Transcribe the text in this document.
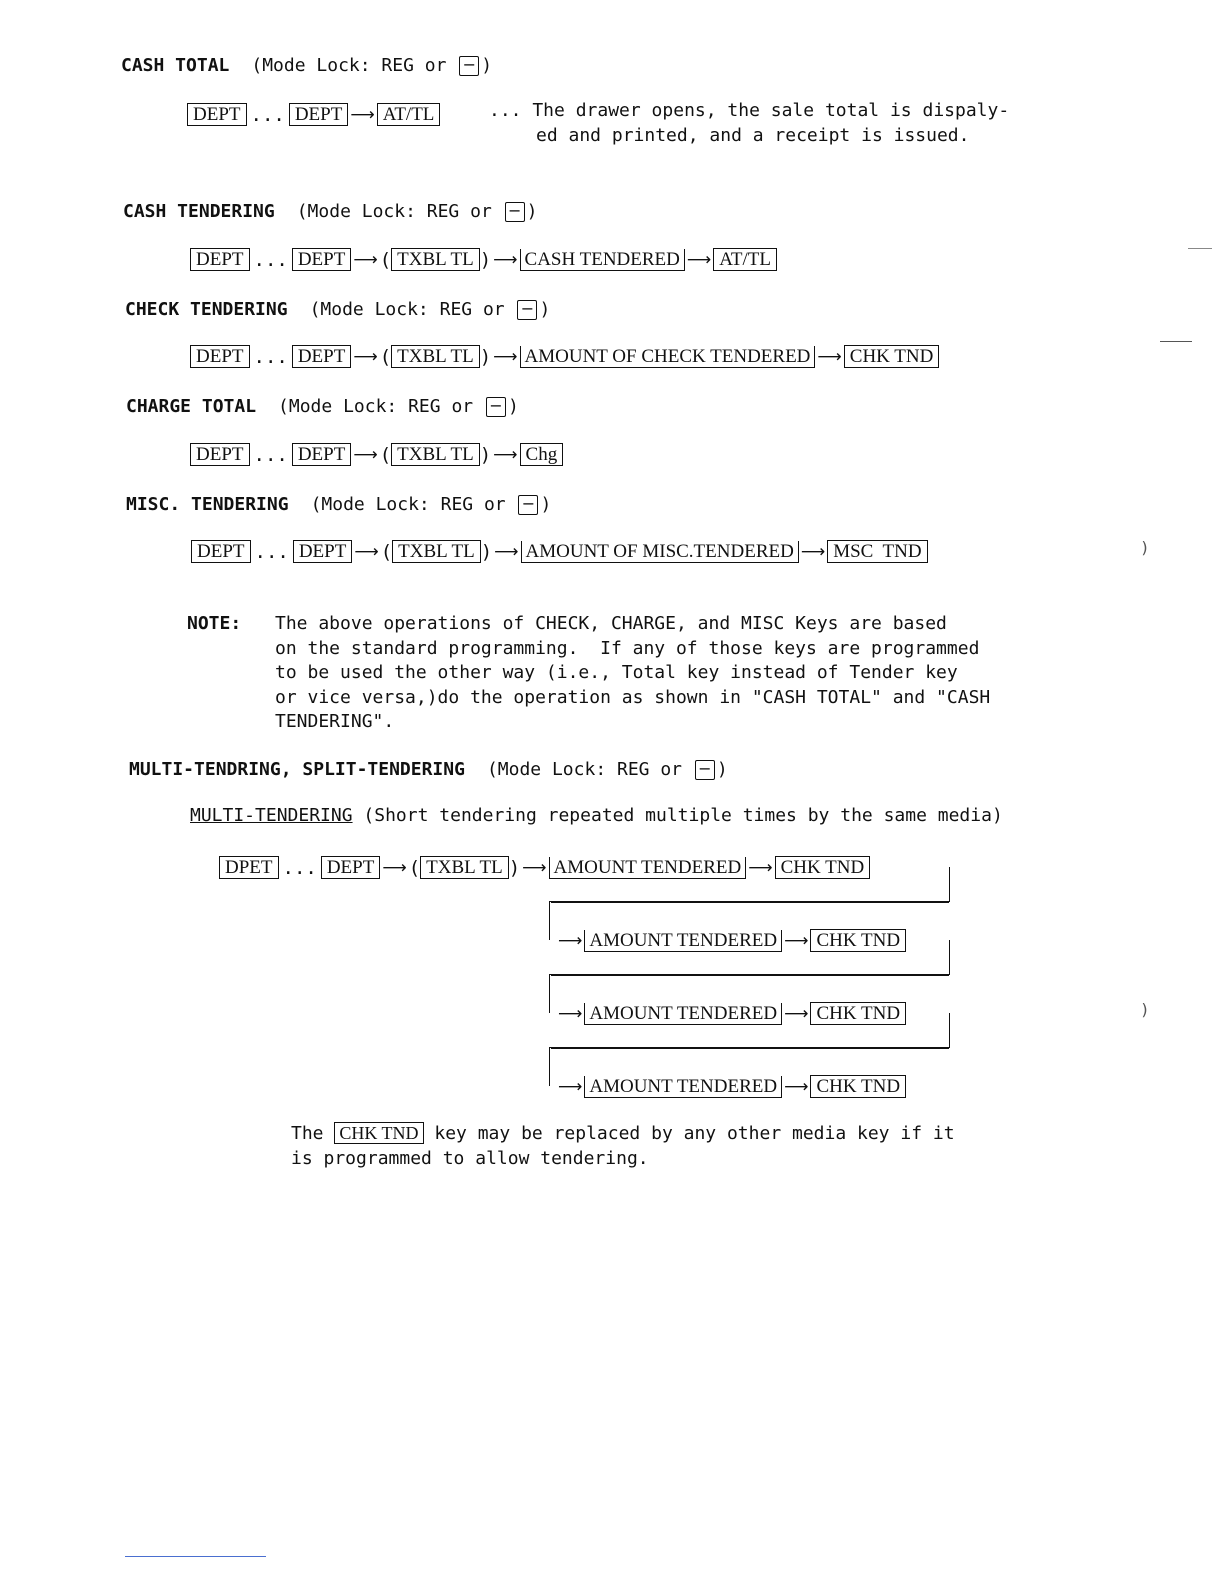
CASH TOTAL (Mode Lock: REG or − )
DEPT ... DEPT ⟶ AT/TL	... The drawer opens, the sale total is dispaly-
ed and printed, and a receipt is issued.
CASH TENDERING (Mode Lock: REG or − )
DEPT ... DEPT ⟶ ( TXBL TL ) ⟶ CASH TENDERED ⟶ AT/TL
CHECK TENDERING (Mode Lock: REG or − )
DEPT ... DEPT ⟶ ( TXBL TL ) ⟶ AMOUNT OF CHECK TENDERED ⟶ CHK TND
CHARGE TOTAL (Mode Lock: REG or − )
DEPT ... DEPT ⟶ ( TXBL TL ) ⟶ Chg
MISC. TENDERING (Mode Lock: REG or − )
DEPT ... DEPT ⟶ ( TXBL TL ) ⟶ AMOUNT OF MISC.TENDERED ⟶ MSC  TND
NOTE: The above operations of CHECK, CHARGE, and MISC Keys are based
on the standard programming.  If any of those keys are programmed
to be used the other way (i.e., Total key instead of Tender key
or vice versa,)do the operation as shown in "CASH TOTAL" and "CASH
TENDERING".
MULTI-TENDRING, SPLIT-TENDERING (Mode Lock: REG or − )
MULTI-TENDERING (Short tendering repeated multiple times by the same media)
DPET ... DEPT ⟶ ( TXBL TL ) ⟶ AMOUNT TENDERED ⟶ CHK TND
⟶ AMOUNT TENDERED ⟶ CHK TND
⟶ AMOUNT TENDERED ⟶ CHK TND
⟶ AMOUNT TENDERED ⟶ CHK TND
The CHK TND key may be replaced by any other media key if it
is programmed to allow tendering.
)
)
